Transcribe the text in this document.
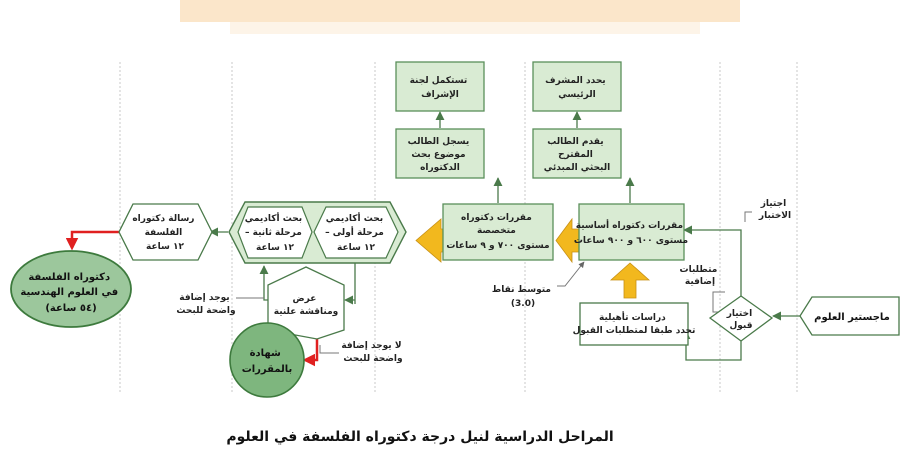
ماجستير العلوم
اختيار قبول
دراسات تأهيلية تحدد طبقا لمتطلبات القبول
مقررات دكتوراه أساسية مستوى ٦٠٠ و ٩٠٠ ساعات
مقررات دكتوراه متخصصة مستوى ٧٠٠ و ٩ ساعات
يحدد المشرف الرئيسي
يقدم الطالب المقترح البحثي المبدئي
تستكمل لجنة الإشراف
يسجل الطالب موضوع بحث الدكتوراه
بحث أكاديمي – مرحلة أولى ١٢ ساعة
بحث أكاديمي – مرحلة ثانية ١٢ ساعة
عرض ومناقشة علنية
رسالة دكتوراه الفلسفة ١٢ ساعة
دكتوراه الفلسفة في العلوم الهندسية (٥٤ ساعة)
شهادة بالمقررات
اجتياز الاختبار
متطلبات إضافية
متوسط نقاط (3.0)
يوجد إضافة واضحة للبحث
لا يوجد إضافة واضحة للبحث
المراحل الدراسية لنيل درجة دكتوراه الفلسفة في العلوم
